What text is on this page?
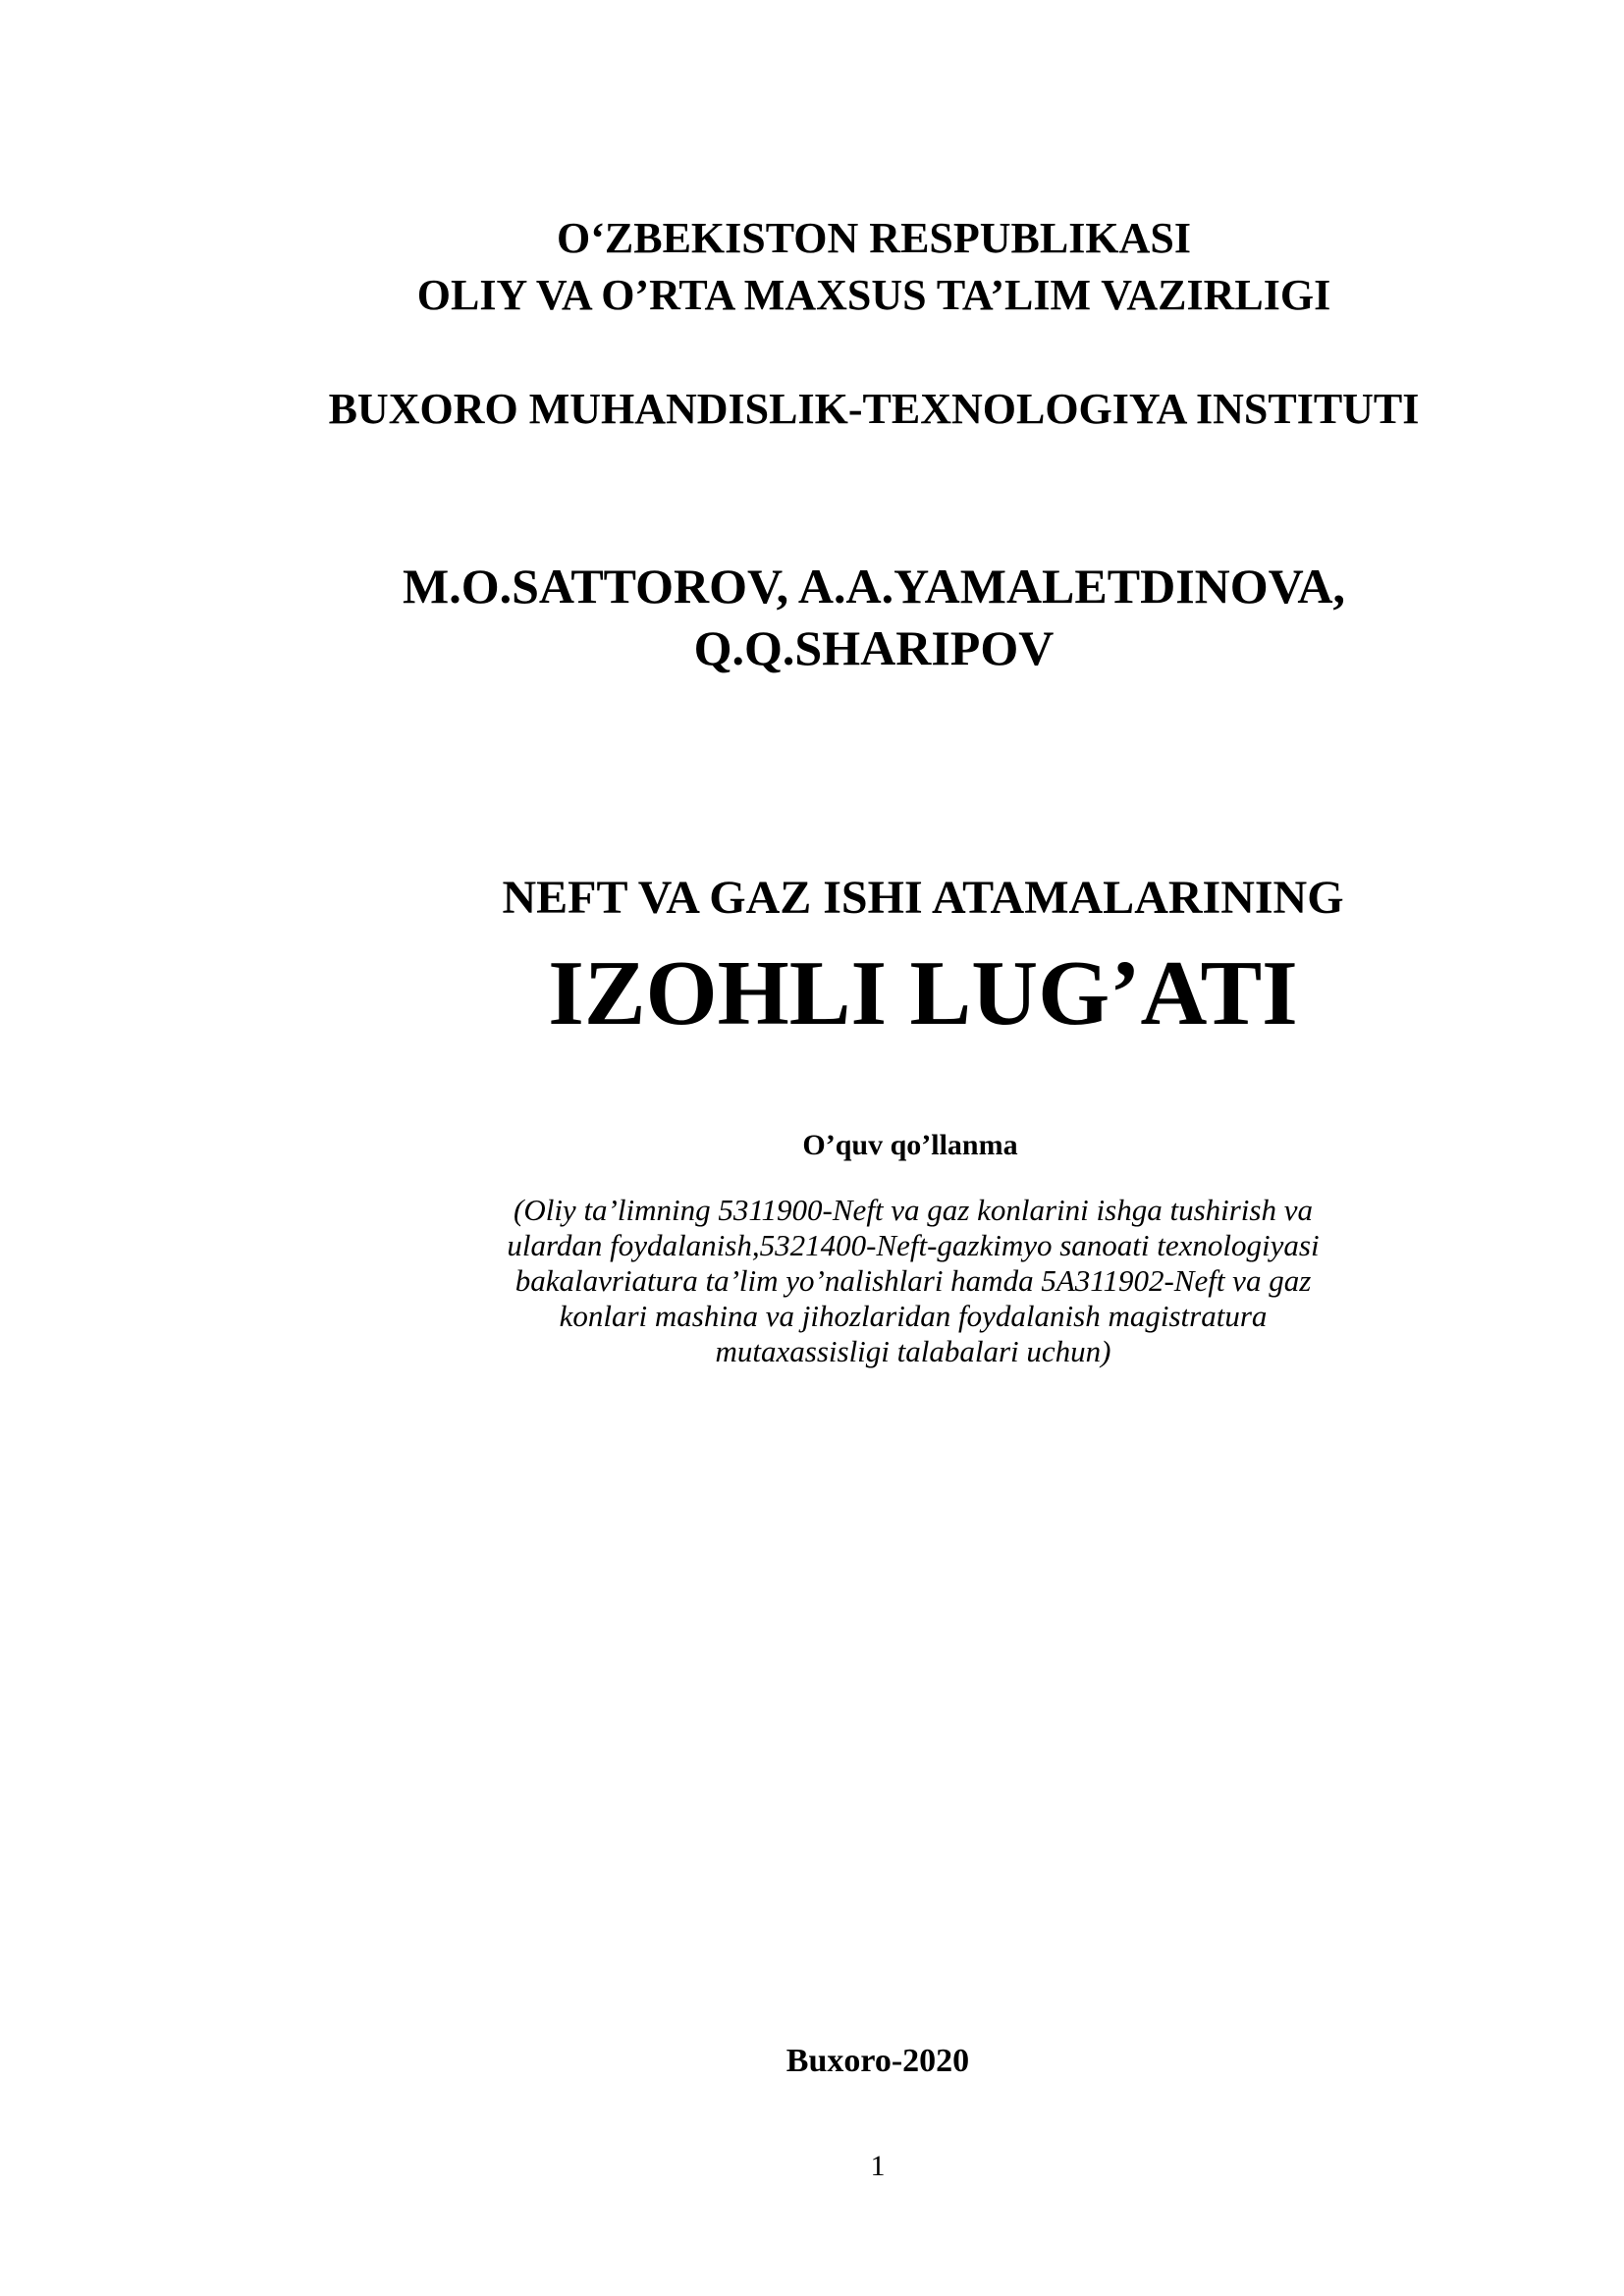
O‘ZBEKISTON RESPUBLIKASI
OLIY VA O’RTA MAXSUS TA’LIM VAZIRLIGI
BUXORO MUHANDISLIK-TEXNOLOGIYA INSTITUTI
M.O.SATTOROV, A.A.YAMALETDINOVA,
Q.Q.SHARIPOV
NEFT VA GAZ ISHI ATAMALARINING
IZOHLI LUG’ATI
O’quv qo’llanma
(Oliy ta’limning 5311900-Neft va gaz konlarini ishga tushirish va
ulardan foydalanish,5321400-Neft-gazkimyo sanoati texnologiyasi
bakalavriatura ta’lim yo’nalishlari hamda 5A311902-Neft va gaz
konlari mashina va jihozlaridan foydalanish magistratura
mutaxassisligi talabalari uchun)
Buxoro-2020
1
